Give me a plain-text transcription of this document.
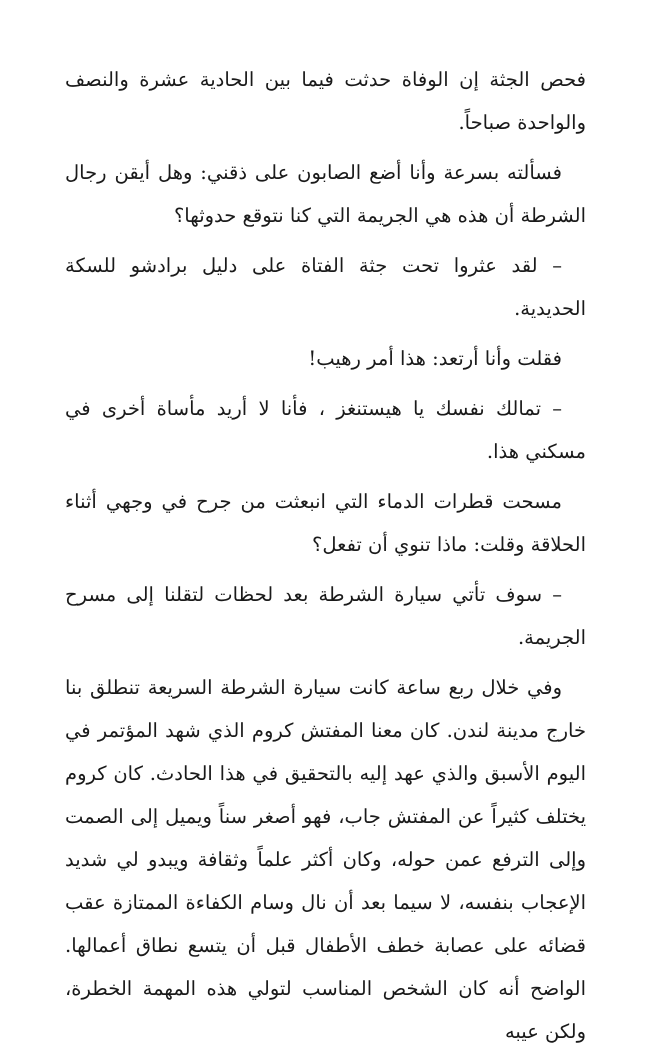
فحص الجثة إن الوفاة حدثت فيما بين الحادية عشرة والنصف والواحدة صباحاً.

فسألته بسرعة وأنا أضع الصابون على ذقني: وهل أيقن رجال الشرطة أن هذه هي الجريمة التي كنا نتوقع حدوثها؟

– لقد عثروا تحت جثة الفتاة على دليل برادشو للسكة الحديدية.

فقلت وأنا أرتعد: هذا أمر رهيب!

– تمالك نفسك يا هيستنغز ، فأنا لا أريد مأساة أخرى في مسكني هذا.

مسحت قطرات الدماء التي انبعثت من جرح في وجهي أثناء الحلاقة وقلت: ماذا تنوي أن تفعل؟

– سوف تأتي سيارة الشرطة بعد لحظات لتقلنا إلى مسرح الجريمة.

وفي خلال ربع ساعة كانت سيارة الشرطة السريعة تنطلق بنا خارج مدينة لندن. كان معنا المفتش كروم الذي شهد المؤتمر في اليوم الأسبق والذي عهد إليه بالتحقيق في هذا الحادث. كان كروم يختلف كثيراً عن المفتش جاب، فهو أصغر سناً ويميل إلى الصمت وإلى الترفع عمن حوله، وكان أكثر علماً وثقافة ويبدو لي شديد الإعجاب بنفسه، لا سيما بعد أن نال وسام الكفاءة الممتازة عقب قضائه على عصابة خطف الأطفال قبل أن يتسع نطاق أعمالها. الواضح أنه كان الشخص المناسب لتولي هذه المهمة الخطرة، ولكن عيبه
